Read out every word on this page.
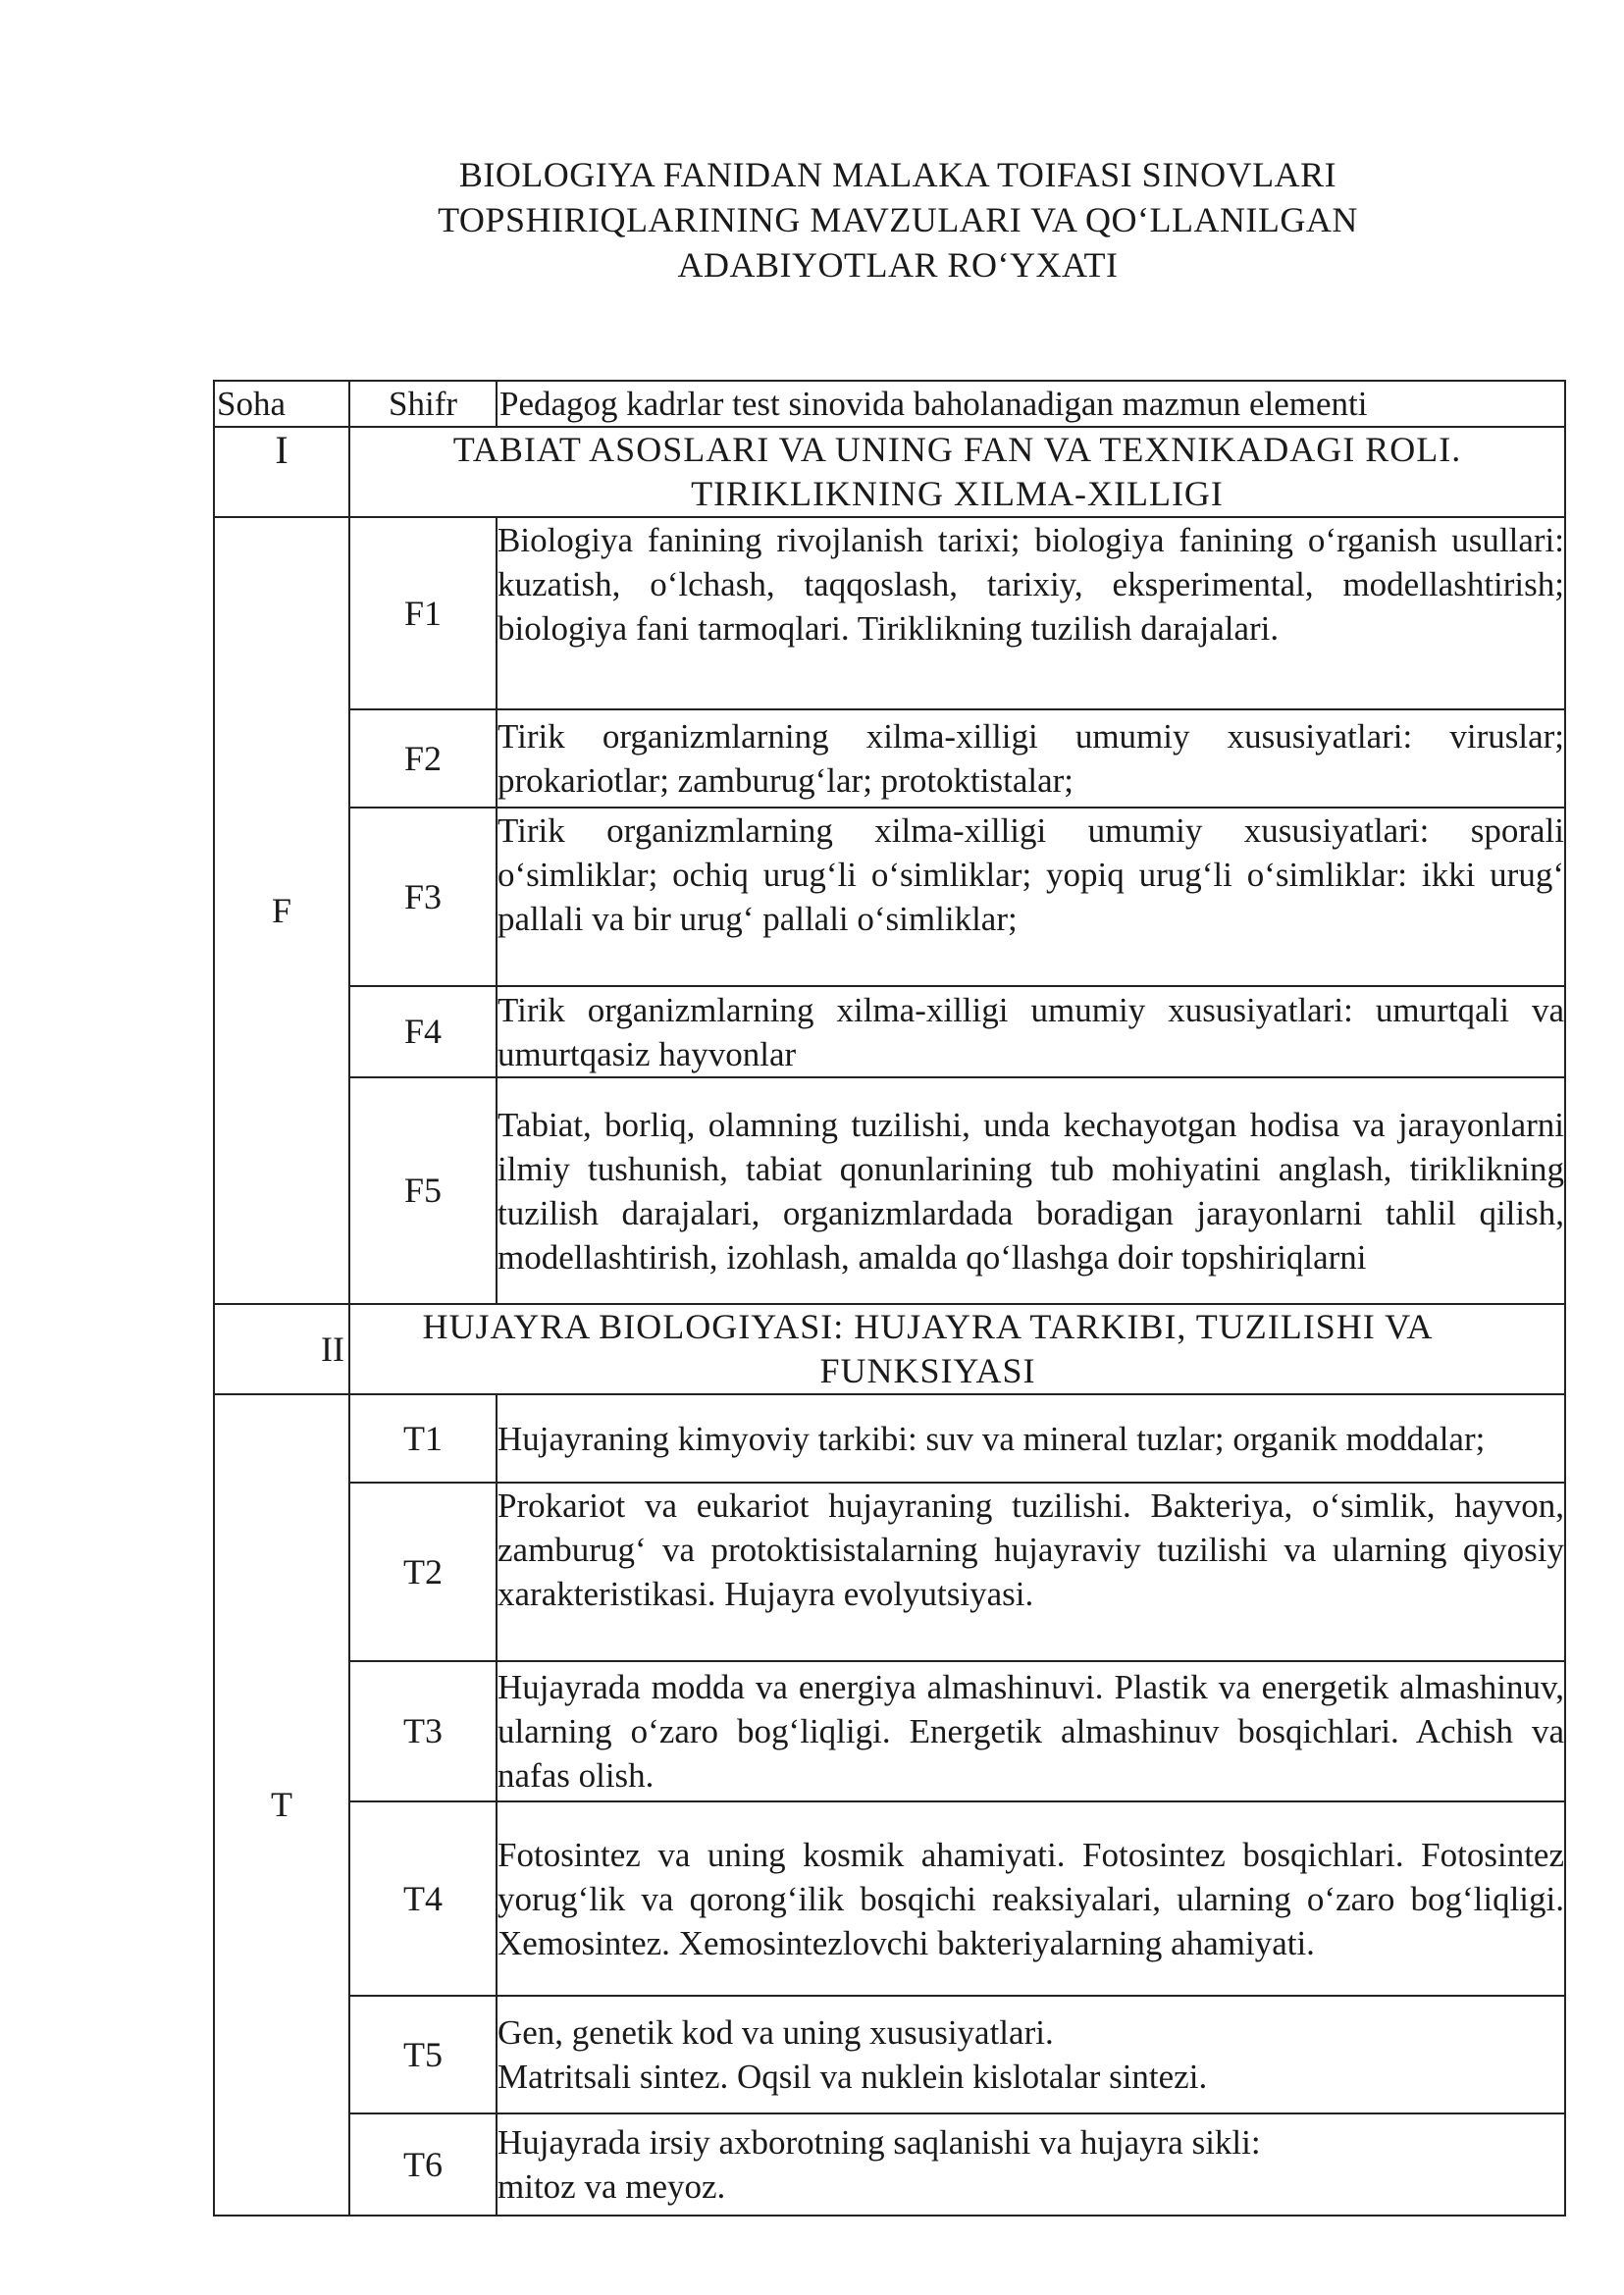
BIOLOGIYA FANIDAN MALAKA TOIFASI SINOVLARI
TOPSHIRIQLARINING MAVZULARI VA QO‘LLANILGAN
ADABIYOTLAR RO‘YXATI
Soha	Shifr	Pedagog kadrlar test sinovida baholanadigan mazmun elementi
I	TABIAT ASOSLARI VA UNING FAN VA TEXNIKADAGI ROLI.
TIRIKLIKNING XILMA-XILLIGI	

F	F1	Biologiya fanining rivojlanish tarixi; biologiya fanining o‘rganish usullari: kuzatish, o‘lchash, taqqoslash, tarixiy, eksperimental, modellashtirish; biologiya fani tarmoqlari. Tiriklikning tuzilish darajalari.
	F2	Tirik organizmlarning xilma-xilligi umumiy xususiyatlari: viruslar; prokariotlar; zamburug‘lar; protoktistalar;
	F3	Tirik organizmlarning xilma-xilligi umumiy xususiyatlari: sporali o‘simliklar; ochiq urug‘li o‘simliklar; yopiq urug‘li o‘simliklar: ikki urug‘ pallali va bir urug‘ pallali o‘simliklar;
	F4	Tirik organizmlarning xilma-xilligi umumiy xususiyatlari: umurtqali va umurtqasiz hayvonlar
	F5	Tabiat, borliq, olamning tuzilishi, unda kechayotgan hodisa va jarayonlarni ilmiy tushunish, tabiat qonunlarining tub mohiyatini anglash, tiriklikning tuzilish darajalari, organizmlardada boradigan jarayonlarni tahlil qilish, modellashtirish, izohlash, amalda qo‘llashga doir topshiriqlarni
II	HUJAYRA BIOLOGIYASI: HUJAYRA TARKIBI, TUZILISHI VA
FUNKSIYASI	

T	T1	Hujayraning kimyoviy tarkibi: suv va mineral tuzlar; organik moddalar;
	T2	Prokariot va eukariot hujayraning tuzilishi. Bakteriya, o‘simlik, hayvon, zamburug‘ va protoktisistalarning hujayraviy tuzilishi va ularning qiyosiy xarakteristikasi. Hujayra evolyutsiyasi.
	T3	Hujayrada modda va energiya almashinuvi. Plastik va energetik almashinuv, ularning o‘zaro bog‘liqligi. Energetik almashinuv bosqichlari. Achish va nafas olish.
	T4	Fotosintez va uning kosmik ahamiyati. Fotosintez bosqichlari. Fotosintez yorug‘lik va qorong‘ilik bosqichi reaksiyalari, ularning o‘zaro bog‘liqligi. Xemosintez. Xemosintezlovchi bakteriyalarning ahamiyati.
	T5	Gen, genetik kod va uning xususiyatlari.
Matritsali sintez. Oqsil va nuklein kislotalar sintezi.

	T6	Hujayrada irsiy axborotning saqlanishi va hujayra sikli:
mitoz va meyoz.
